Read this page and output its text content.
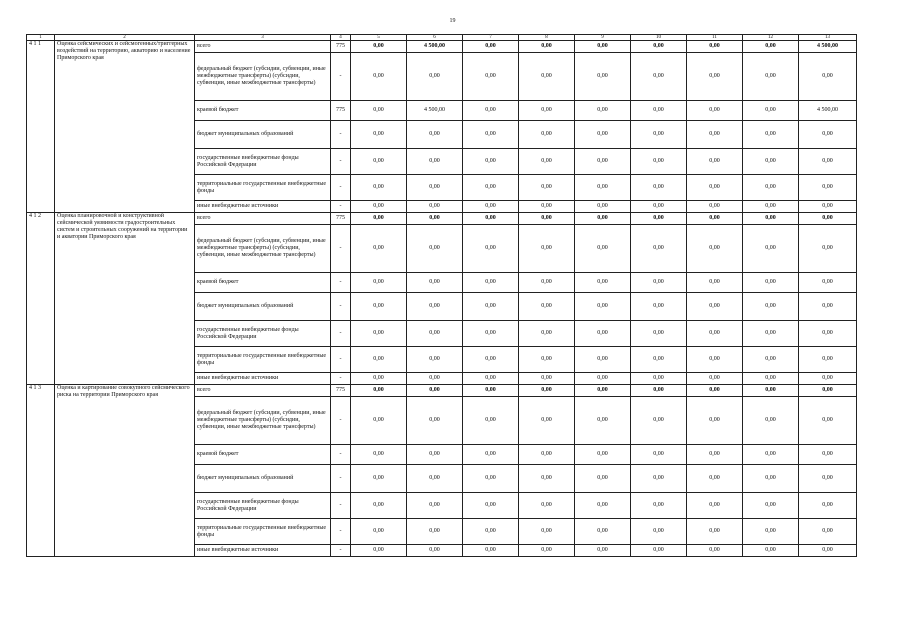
19
1	2	3	4	5	6	7	8	9	10	11	12	13
4 1 1	Оценка сейсмических и сейсмогенных/триггерных воздействий на территорию, акваторию и население Приморского края	всего	775	0,00	4 500,00	0,00	0,00	0,00	0,00	0,00	0,00	4 500,00
		федеральный бюджет (субсидии, субвенции, иные межбюджетные трансферты) (субсидии, субвенции, иные межбюджетные трансферты)	-	0,00	0,00	0,00	0,00	0,00	0,00	0,00	0,00	0,00
		краевой бюджет	775	0,00	4 500,00	0,00	0,00	0,00	0,00	0,00	0,00	4 500,00
		бюджет муниципальных образований	-	0,00	0,00	0,00	0,00	0,00	0,00	0,00	0,00	0,00
		государственные внебюджетные фонды Российской Федерации	-	0,00	0,00	0,00	0,00	0,00	0,00	0,00	0,00	0,00
		территориальные государственные внебюджетные фонды	-	0,00	0,00	0,00	0,00	0,00	0,00	0,00	0,00	0,00
		иные внебюджетные источники	-	0,00	0,00	0,00	0,00	0,00	0,00	0,00	0,00	0,00
4 1 2	Оценка планировочной и конструктивной сейсмической уязвимости градостроительных систем и строительных сооружений на территории и акватории Приморского края	всего	775	0,00	0,00	0,00	0,00	0,00	0,00	0,00	0,00	0,00
		федеральный бюджет (субсидии, субвенции, иные межбюджетные трансферты) (субсидии, субвенции, иные межбюджетные трансферты)	-	0,00	0,00	0,00	0,00	0,00	0,00	0,00	0,00	0,00
		краевой бюджет	-	0,00	0,00	0,00	0,00	0,00	0,00	0,00	0,00	0,00
		бюджет муниципальных образований	-	0,00	0,00	0,00	0,00	0,00	0,00	0,00	0,00	0,00
		государственные внебюджетные фонды Российской Федерации	-	0,00	0,00	0,00	0,00	0,00	0,00	0,00	0,00	0,00
		территориальные государственные внебюджетные фонды	-	0,00	0,00	0,00	0,00	0,00	0,00	0,00	0,00	0,00
		иные внебюджетные источники	-	0,00	0,00	0,00	0,00	0,00	0,00	0,00	0,00	0,00
4 1 3	Оценка и картирование совокупного сейсмического риска на территории Приморского края	всего	775	0,00	0,00	0,00	0,00	0,00	0,00	0,00	0,00	0,00
		федеральный бюджет (субсидии, субвенции, иные межбюджетные трансферты) (субсидии, субвенции, иные межбюджетные трансферты)	-	0,00	0,00	0,00	0,00	0,00	0,00	0,00	0,00	0,00
		краевой бюджет	-	0,00	0,00	0,00	0,00	0,00	0,00	0,00	0,00	0,00
		бюджет муниципальных образований	-	0,00	0,00	0,00	0,00	0,00	0,00	0,00	0,00	0,00
		государственные внебюджетные фонды Российской Федерации	-	0,00	0,00	0,00	0,00	0,00	0,00	0,00	0,00	0,00
		территориальные государственные внебюджетные фонды	-	0,00	0,00	0,00	0,00	0,00	0,00	0,00	0,00	0,00
		иные внебюджетные источники	-	0,00	0,00	0,00	0,00	0,00	0,00	0,00	0,00	0,00
